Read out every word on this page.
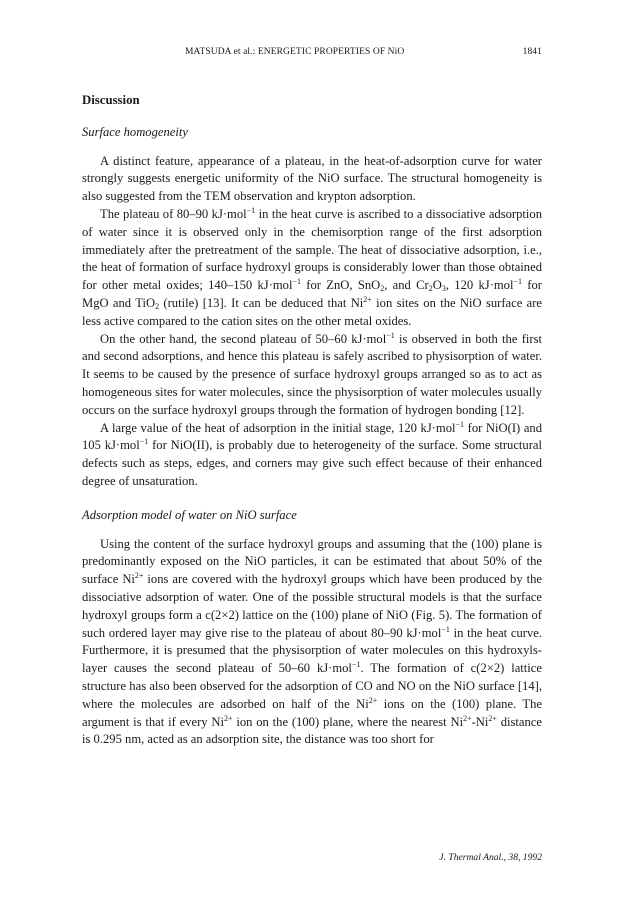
MATSUDA et al.: ENERGETIC PROPERTIES OF NiO	1841
Discussion
Surface homogeneity

A distinct feature, appearance of a plateau, in the heat-of-adsorption curve for water strongly suggests energetic uniformity of the NiO surface. The structural homogeneity is also suggested from the TEM observation and krypton adsorption.

The plateau of 80–90 kJ·mol$^{-1}$ in the heat curve is ascribed to a dissociative adsorption of water since it is observed only in the chemisorption range of the first adsorption immediately after the pretreatment of the sample. The heat of dissociative adsorption, i.e., the heat of formation of surface hydroxyl groups is considerably lower than those obtained for other metal oxides; 140–150 kJ·mol$^{-1}$ for ZnO, SnO$_2$, and $Cr_2O_3$, 120 kJ·mol$^{-1}$ for MgO and TiO$_2$ (rutile) [13]. It can be deduced that $Ni^{2+}$ ion sites on the NiO surface are less active compared to the cation sites on the other metal oxides.

On the other hand, the second plateau of 50–60 kJ·mol$^{-1}$ is observed in both the first and second adsorptions, and hence this plateau is safely ascribed to physisorption of water. It seems to be caused by the presence of surface hydroxyl groups arranged so as to act as homogeneous sites for water molecules, since the physisorption of water molecules usually occurs on the surface hydroxyl groups through the formation of hydrogen bonding [12].

A large value of the heat of adsorption in the initial stage, 120 kJ·mol$^{-1}$ for NiO(I) and 105 kJ·mol$^{-1}$ for NiO(II), is probably due to heterogeneity of the surface. Some structural defects such as steps, edges, and corners may give such effect because of their enhanced degree of unsaturation.

Adsorption model of water on NiO surface

Using the content of the surface hydroxyl groups and assuming that the (100) plane is predominantly exposed on the NiO particles, it can be estimated that about 50% of the surface $Ni^{2+}$ ions are covered with the hydroxyl groups which have been produced by the dissociative adsorption of water. One of the possible structural models is that the surface hydroxyl groups form a c(2×2) lattice on the (100) plane of NiO (Fig. 5). The formation of such ordered layer may give rise to the plateau of about 80–90 kJ·mol$^{-1}$ in the heat curve. Furthermore, it is presumed that the physisorption of water molecules on this hydroxyls-layer causes the second plateau of 50–60 kJ·mol$^{-1}$. The formation of c(2×2) lattice structure has also been observed for the adsorption of CO and NO on the NiO surface [14], where the molecules are adsorbed on half of the $Ni^{2+}$ ions on the (100) plane. The argument is that if every $Ni^{2+}$ ion on the (100) plane, where the nearest $Ni^{2+}-Ni^{2+}$ distance is 0.295 nm, acted as an adsorption site, the distance was too short for

J. Thermal Anal., 38, 1992
